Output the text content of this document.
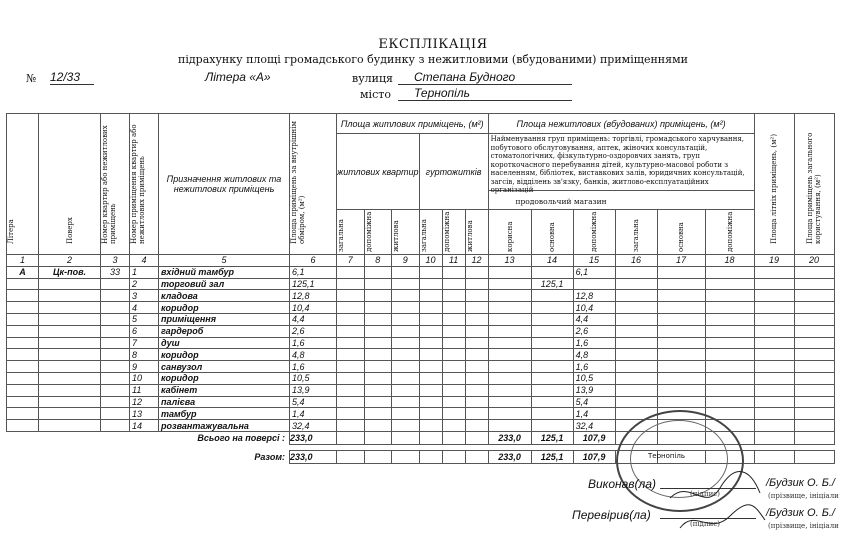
ЕКСПЛІКАЦІЯ
підрахунку площі громадського будинку з нежитловими (вбудованими) приміщеннями
№ 12/33	Літера «А»	вулиця	Степана Будного
місто	Тернопіль
Літера	Поверх	Номер квартир або нежитлових приміщень	Номер приміщення квартир або нежитлових приміщень	Призначення житлових та нежитлових приміщень	Площа приміщень за внутрішнім обміром, (м²)	Площа житлових приміщень, (м²)						Площа нежитлових (вбудованих) приміщень, (м²)						Площа літніх приміщень, (м²)	Площа приміщень загального користування, (м²)

						житлових квартир			гуртожитків			Найменування груп приміщень: торгівлі, громадського харчування, побутового обслуговування, аптек, жіночих консультацій, стоматологічних, фізкультурно-оздоровчих занять, груп короткочасного перебування дітей, культурно-масової роботи з населенням, бібліотек, виставкових залів, юридичних консультацій, загсів, відділень зв'язку, банків, житлово-експлуатаційних організацій
продовольчий магазин							

						загальна	допоміжна	житлова	загальна	допоміжна	житлова	корисна	основна	допоміжна	загальна	основна	допоміжна		

1	2	3	4	5	6	7	8	9	10	11	12	13	14	15	16	17	18	19	20
А	Цк-пов.	33	1	вхідний тамбур	6,1									6,1					
			2	торговий зал	125,1								125,1						
			3	кладова	12,8									12,8					
			4	коридор	10,4									10,4					
			5	приміщення	4,4									4,4					
			6	гардероб	2,6									2,6					
			7	душ	1,6									1,6					
			8	коридор	4,8									4,8					
			9	санвузол	1,6									1,6					
			10	коридор	10,5									10,5					
			11	кабінет	13,9									13,9					
			12	палієва	5,4									5,4					
			13	тамбур	1,4									1,4					
			14	розвантажувальна	32,4									32,4					
Всього на поверсі :					233,0							233,0	125,1	107,9					

Разом:					233,0							233,0	125,1	107,9						Тернопіль
Виконав(ла)
(підпис)
/Будзик О. Б./
(прізвище, ініціали
Перевірив(ла)
(підпис)
/Будзик О. Б./
(прізвище, ініціали
